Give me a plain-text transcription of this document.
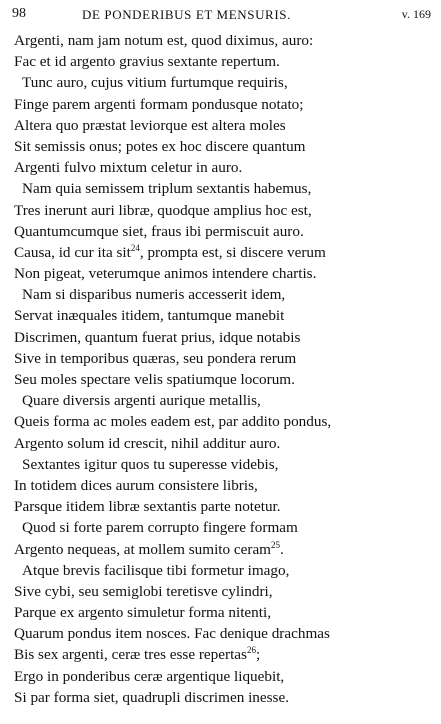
98	DE PONDERIBUS ET MENSURIS.	v. 169
Argenti, nam jam notum est, quod diximus, auro:
Fac et id argento gravius sextante repertum.
Tunc auro, cujus vitium furtumque requiris,
Finge parem argenti formam pondusque notato;
Altera quo præstat leviorque est altera moles
Sit semissis onus; potes ex hoc discere quantum
Argenti fulvo mixtum celetur in auro.
Nam quia semissem triplum sextantis habemus,
Tres inerunt auri libræ, quodque amplius hoc est,
Quantumcumque siet, fraus ibi permiscuit auro.
Causa, id cur ita sit$^{24}$, prompta est, si discere verum
Non pigeat, veterumque animos intendere chartis.
Nam si disparibus numeris accesserit idem,
Servat inæquales itidem, tantumque manebit
Discrimen, quantum fuerat prius, idque notabis
Sive in temporibus quæras, seu pondera rerum
Seu moles spectare velis spatiumque locorum.
Quare diversis argenti aurique metallis,
Queis forma ac moles eadem est, par addito pondus,
Argento solum id crescit, nihil additur auro.
Sextantes igitur quos tu superesse videbis,
In totidem dices aurum consistere libris,
Parsque itidem libræ sextantis parte notetur.
Quod si forte parem corrupto fingere formam
Argento nequeas, at mollem sumito ceram$^{25}$.
Atque brevis facilisque tibi formetur imago,
Sive cybi, seu semiglobi teretisve cylindri,
Parque ex argento simuletur forma nitenti,
Quarum pondus item nosces. Fac denique drachmas
Bis sex argenti, ceræ tres esse repertas$^{26}$;
Ergo in ponderibus ceræ argentique liquebit,
Si par forma siet, quadrupli discrimen inesse.
